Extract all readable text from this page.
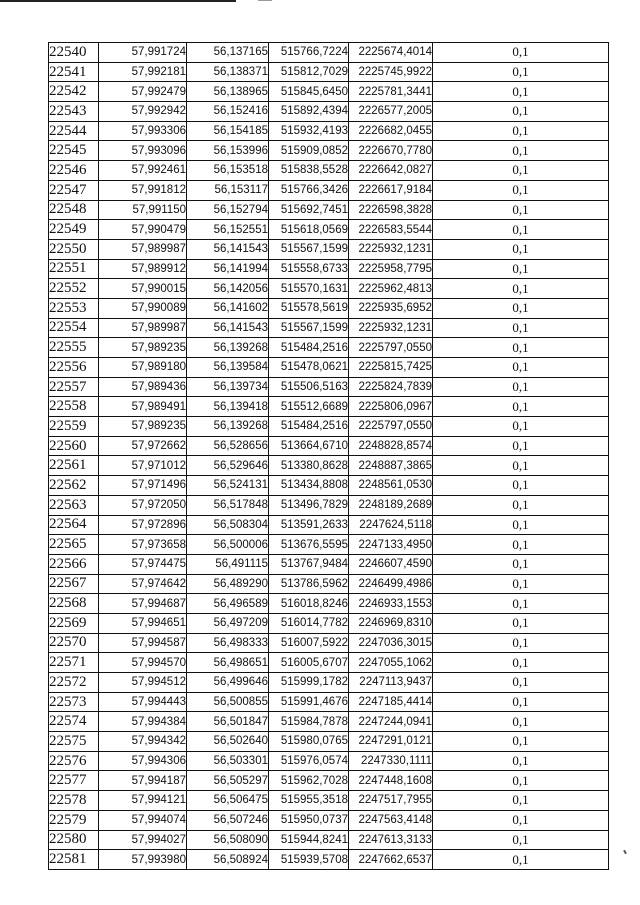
22540	57,991724	56,137165	515766,7224	2225674,4014	0,1
22541	57,992181	56,138371	515812,7029	2225745,9922	0,1
22542	57,992479	56,138965	515845,6450	2225781,3441	0,1
22543	57,992942	56,152416	515892,4394	2226577,2005	0,1
22544	57,993306	56,154185	515932,4193	2226682,0455	0,1
22545	57,993096	56,153996	515909,0852	2226670,7780	0,1
22546	57,992461	56,153518	515838,5528	2226642,0827	0,1
22547	57,991812	56,153117	515766,3426	2226617,9184	0,1
22548	57,991150	56,152794	515692,7451	2226598,3828	0,1
22549	57,990479	56,152551	515618,0569	2226583,5544	0,1
22550	57,989987	56,141543	515567,1599	2225932,1231	0,1
22551	57,989912	56,141994	515558,6733	2225958,7795	0,1
22552	57,990015	56,142056	515570,1631	2225962,4813	0,1
22553	57,990089	56,141602	515578,5619	2225935,6952	0,1
22554	57,989987	56,141543	515567,1599	2225932,1231	0,1
22555	57,989235	56,139268	515484,2516	2225797,0550	0,1
22556	57,989180	56,139584	515478,0621	2225815,7425	0,1
22557	57,989436	56,139734	515506,5163	2225824,7839	0,1
22558	57,989491	56,139418	515512,6689	2225806,0967	0,1
22559	57,989235	56,139268	515484,2516	2225797,0550	0,1
22560	57,972662	56,528656	513664,6710	2248828,8574	0,1
22561	57,971012	56,529646	513380,8628	2248887,3865	0,1
22562	57,971496	56,524131	513434,8808	2248561,0530	0,1
22563	57,972050	56,517848	513496,7829	2248189,2689	0,1
22564	57,972896	56,508304	513591,2633	2247624,5118	0,1
22565	57,973658	56,500006	513676,5595	2247133,4950	0,1
22566	57,974475	56,491115	513767,9484	2246607,4590	0,1
22567	57,974642	56,489290	513786,5962	2246499,4986	0,1
22568	57,994687	56,496589	516018,8246	2246933,1553	0,1
22569	57,994651	56,497209	516014,7782	2246969,8310	0,1
22570	57,994587	56,498333	516007,5922	2247036,3015	0,1
22571	57,994570	56,498651	516005,6707	2247055,1062	0,1
22572	57,994512	56,499646	515999,1782	2247113,9437	0,1
22573	57,994443	56,500855	515991,4676	2247185,4414	0,1
22574	57,994384	56,501847	515984,7878	2247244,0941	0,1
22575	57,994342	56,502640	515980,0765	2247291,0121	0,1
22576	57,994306	56,503301	515976,0574	2247330,1111	0,1
22577	57,994187	56,505297	515962,7028	2247448,1608	0,1
22578	57,994121	56,506475	515955,3518	2247517,7955	0,1
22579	57,994074	56,507246	515950,0737	2247563,4148	0,1
22580	57,994027	56,508090	515944,8241	2247613,3133	0,1
22581	57,993980	56,508924	515939,5708	2247662,6537	0,1
